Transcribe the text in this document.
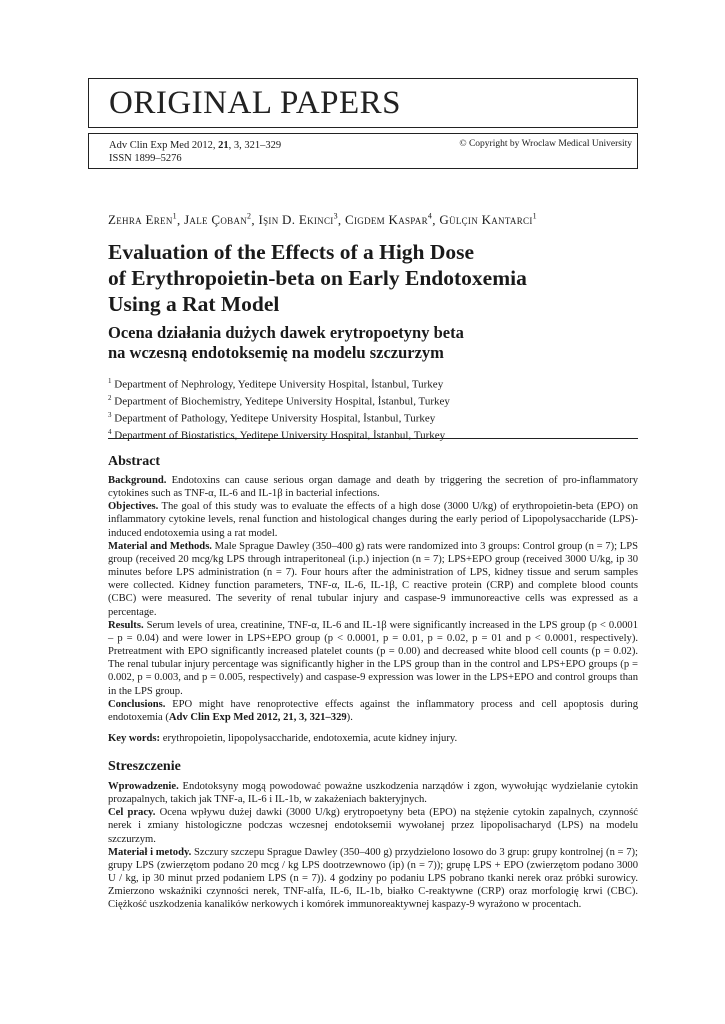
ORIGINAL PAPERS
Adv Clin Exp Med 2012, 21, 3, 321–329
ISSN 1899–5276
© Copyright by Wroclaw Medical University
Zehra Eren$^1$, Jale Çoban$^2$, Işin D. Ekinci$^3$, Cigdem Kaspar$^4$, Gülçin Kantarci$^1$
Evaluation of the Effects of a High Dose
of Erythropoietin-beta on Early Endotoxemia
Using a Rat Model
Ocena działania dużych dawek erytropoetyny beta
na wczesną endotoksemię na modelu szczurzym
$^1$ Department of Nephrology, Yeditepe University Hospital, İstanbul, Turkey
$^2$ Department of Biochemistry, Yeditepe University Hospital, İstanbul, Turkey
$^3$ Department of Pathology, Yeditepe University Hospital, İstanbul, Turkey
$^4$ Department of Biostatistics, Yeditepe University Hospital, İstanbul, Turkey
Abstract

Background. Endotoxins can cause serious organ damage and death by triggering the secretion of pro-inflammatory cytokines such as TNF-α, IL-6 and IL-1β in bacterial infections.

Objectives. The goal of this study was to evaluate the effects of a high dose (3000 U/kg) of erythropoietin-beta (EPO) on inflammatory cytokine levels, renal function and histological changes during the early period of Lipopolysaccharide (LPS)-induced endotoxemia using a rat model.

Material and Methods. Male Sprague Dawley (350–400 g) rats were randomized into 3 groups: Control group (n = 7); LPS group (received 20 mcg/kg LPS through intraperitoneal (i.p.) injection (n = 7); LPS+EPO group (received 3000 U/kg, ip 30 minutes before LPS administration (n = 7). Four hours after the administration of LPS, kidney tissue and serum samples were collected. Kidney function parameters, TNF-α, IL-6, IL-1β, C reactive protein (CRP) and complete blood counts (CBC) were measured. The severity of renal tubular injury and caspase-9 immunoreactive cells was expressed as a percentage.

Results. Serum levels of urea, creatinine, TNF-α, IL-6 and IL-1β were significantly increased in the LPS group (p < 0.0001 – p = 0.04) and were lower in LPS+EPO group (p < 0.0001, p = 0.01, p = 0.02, p = 01 and p < 0.0001, respectively). Pretreatment with EPO significantly increased platelet counts (p = 0.00) and decreased white blood cell counts (p = 0.02). The renal tubular injury percentage was significantly higher in the LPS group than in the control and LPS+EPO groups (p = 0.002, p = 0.003, and p = 0.005, respectively) and caspase-9 expression was lower in the LPS+EPO and control groups than in the LPS group.

Conclusions. EPO might have renoprotective effects against the inflammatory process and cell apoptosis during endotoxemia (Adv Clin Exp Med 2012, 21, 3, 321–329).

Key words: erythropoietin, lipopolysaccharide, endotoxemia, acute kidney injury.
Streszczenie

Wprowadzenie. Endotoksyny mogą powodować poważne uszkodzenia narządów i zgon, wywołując wydzielanie cytokin prozapalnych, takich jak TNF-a, IL-6 i IL-1b, w zakażeniach bakteryjnych.

Cel pracy. Ocena wpływu dużej dawki (3000 U/kg) erytropoetyny beta (EPO) na stężenie cytokin zapalnych, czynność nerek i zmiany histologiczne podczas wczesnej endotoksemii wywołanej przez lipopolisacharyd (LPS) na modelu szczurzym.

Materiał i metody. Szczury szczepu Sprague Dawley (350–400 g) przydzielono losowo do 3 grup: grupy kontrolnej (n = 7); grupy LPS (zwierzętom podano 20 mcg / kg LPS dootrzewnowo (ip) (n = 7)); grupę LPS + EPO (zwierzętom podano 3000 U / kg, ip 30 minut przed podaniem LPS (n = 7)). 4 godziny po podaniu LPS pobrano tkanki nerek oraz próbki surowicy. Zmierzono wskaźniki czynności nerek, TNF-alfa, IL-6, IL-1b, białko C-reaktywne (CRP) oraz morfologię krwi (CBC). Ciężkość uszkodzenia kanalików nerkowych i komórek immunoreaktywnej kaspazy-9 wyrażono w procentach.
